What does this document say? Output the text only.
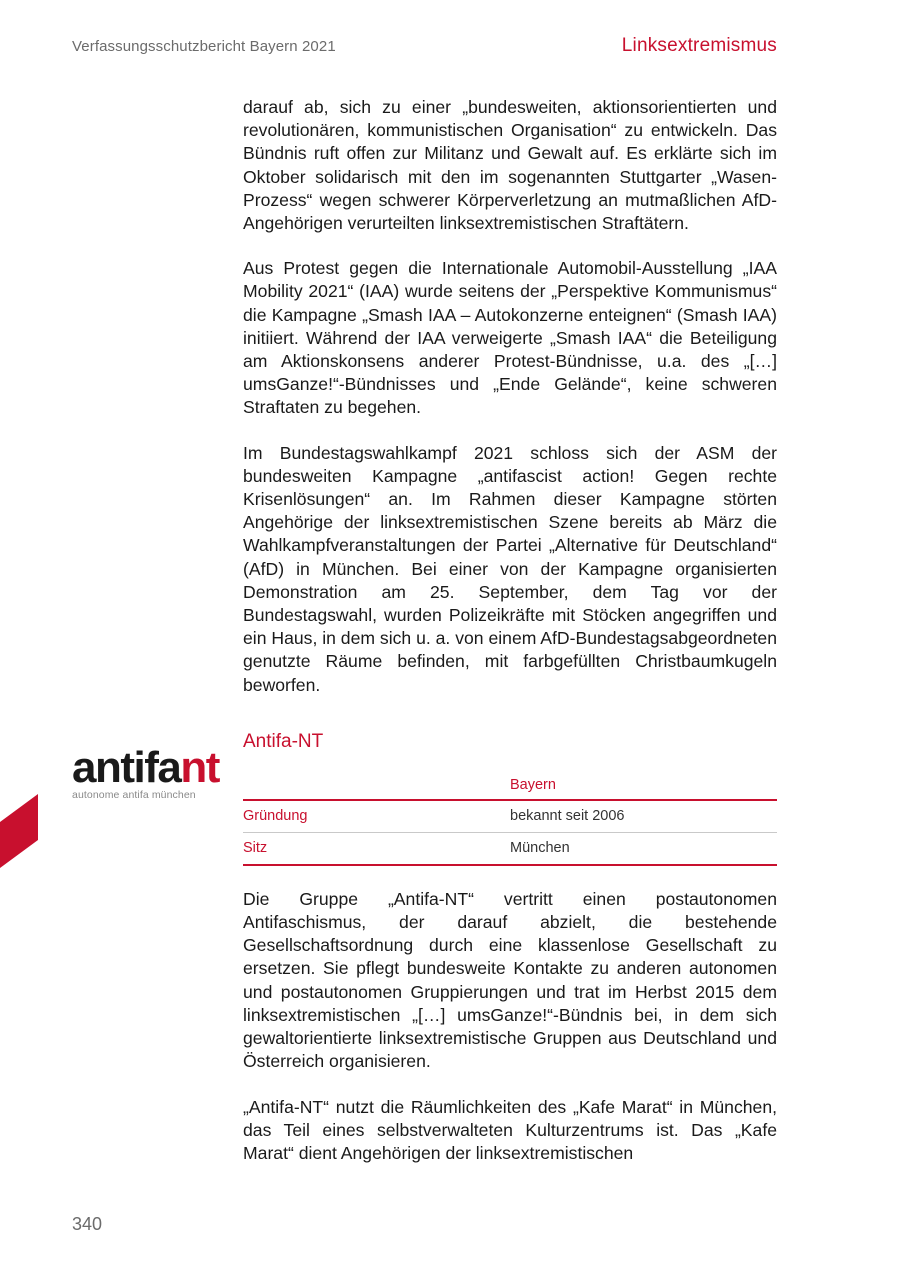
Verfassungsschutzbericht Bayern 2021	Linksextremismus
antifant
autonome antifa münchen

darauf ab, sich zu einer „bundesweiten, aktionsorientierten und revolutionären, kommunistischen Organisation“ zu entwickeln. Das Bündnis ruft offen zur Militanz und Gewalt auf. Es erklärte sich im Oktober solidarisch mit den im sogenannten Stuttgarter „Wasen-Prozess“ wegen schwerer Körperverletzung an mutmaßlichen AfD-Angehörigen verurteilten linksextremistischen Straftätern.

Aus Protest gegen die Internationale Automobil-Ausstellung „IAA Mobility 2021“ (IAA) wurde seitens der „Perspektive Kommunismus“ die Kampagne „Smash IAA – Autokonzerne enteignen“ (Smash IAA) initiiert. Während der IAA verweigerte „Smash IAA“ die Beteiligung am Aktionskonsens anderer Protest-Bündnisse, u.a. des „[…] umsGanze!“-Bündnisses und „Ende Gelände“, keine schweren Straftaten zu begehen.

Im Bundestagswahlkampf 2021 schloss sich der ASM der bundesweiten Kampagne „antifascist action! Gegen rechte Krisenlösungen“ an. Im Rahmen dieser Kampagne störten Angehörige der linksextremistischen Szene bereits ab März die Wahlkampfveranstaltungen der Partei „Alternative für Deutschland“ (AfD) in München. Bei einer von der Kampagne organisierten Demonstration am 25. September, dem Tag vor der Bundestagswahl, wurden Polizeikräfte mit Stöcken angegriffen und ein Haus, in dem sich u. a. von einem AfD-Bundestagsabgeordneten genutzte Räume befinden, mit farbgefüllten Christbaumkugeln beworfen.

Antifa-NT
	Bayern
Gründung	bekannt seit 2006
Sitz	München

Die Gruppe „Antifa-NT“ vertritt einen postautonomen Antifaschismus, der darauf abzielt, die bestehende Gesellschaftsordnung durch eine klassenlose Gesellschaft zu ersetzen. Sie pflegt bundesweite Kontakte zu anderen autonomen und postautonomen Gruppierungen und trat im Herbst 2015 dem linksextremistischen „[…] umsGanze!“-Bündnis bei, in dem sich gewaltorientierte linksextremistische Gruppen aus Deutschland und Österreich organisieren.

„Antifa-NT“ nutzt die Räumlichkeiten des „Kafe Marat“ in München, das Teil eines selbstverwalteten Kulturzentrums ist. Das „Kafe Marat“ dient Angehörigen der linksextremistischen

340
